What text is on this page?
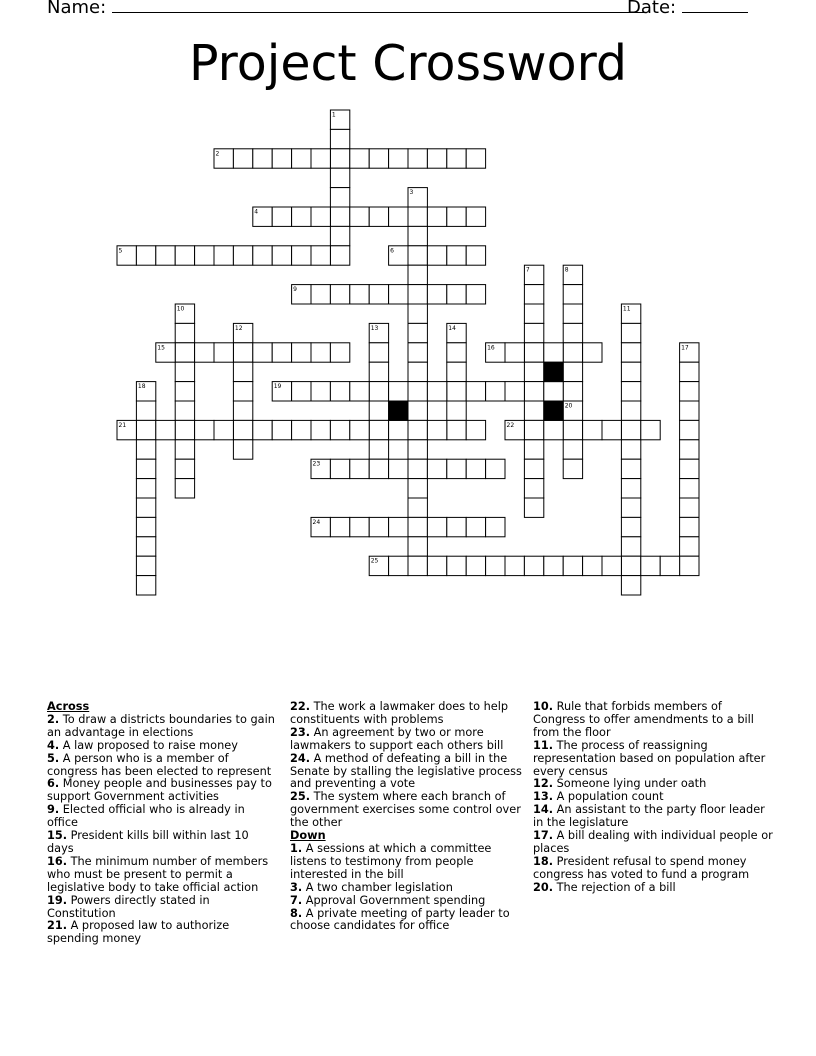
Name:	Date:
Project Crossword
1
2
3
4
5	6
7	8
9
10	11
12	13	14
15	16	17
18	19
20
21	22
23
24
25
Across
2. To draw a districts boundaries to gain an advantage in elections
4. A law proposed to raise money
5. A person who is a member of congress has been elected to represent
6. Money people and businesses pay to support Government activities
9. Elected official who is already in office
15. President kills bill within last 10 days
16. The minimum number of members who must be present to permit a legislative body to take official action
19. Powers directly stated in Constitution
21. A proposed law to authorize spending money
22. The work a lawmaker does to help constituents with problems
23. An agreement by two or more lawmakers to support each others bill
24. A method of defeating a bill in the Senate by stalling the legislative process and preventing a vote
25. The system where each branch of government exercises some control over the other
Down
1. A sessions at which a committee listens to testimony from people interested in the bill
3. A two chamber legislation
7. Approval Government spending
8. A private meeting of party leader to choose candidates for office
10. Rule that forbids members of Congress to offer amendments to a bill from the floor
11. The process of reassigning representation based on population after every census
12. Someone lying under oath
13. A population count
14. An assistant to the party floor leader in the legislature
17. A bill dealing with individual people or places
18. President refusal to spend money congress has voted to fund a program
20. The rejection of a bill
